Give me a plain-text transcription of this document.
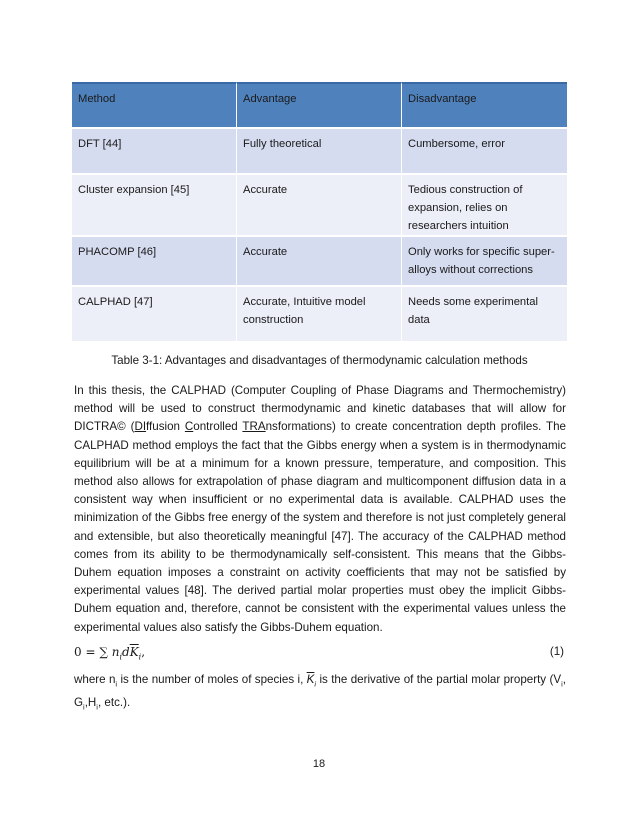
Method	Advantage	Disadvantage
DFT [44]	Fully theoretical	Cumbersome, error
Cluster expansion [45]	Accurate	Tedious construction of expansion, relies on researchers intuition
PHACOMP [46]	Accurate	Only works for specific super-alloys without corrections
CALPHAD [47]	Accurate, Intuitive model construction	Needs some experimental data
Table 3-1: Advantages and disadvantages of thermodynamic calculation methods

In this thesis, the CALPHAD (Computer Coupling of Phase Diagrams and Thermochemistry) method will be used to construct thermodynamic and kinetic databases that will allow for DICTRA© (DIffusion Controlled TRAnsformations) to create concentration depth profiles. The CALPHAD method employs the fact that the Gibbs energy when a system is in thermodynamic equilibrium will be at a minimum for a known pressure, temperature, and composition. This method also allows for extrapolation of phase diagram and multicomponent diffusion data in a consistent way when insufficient or no experimental data is available. CALPHAD uses the minimization of the Gibbs free energy of the system and therefore is not just completely general and extensible, but also theoretically meaningful [47]. The accuracy of the CALPHAD method comes from its ability to be thermodynamically self-consistent. This means that the Gibbs-Duhem equation imposes a constraint on activity coefficients that may not be satisfied by experimental values [48]. The derived partial molar properties must obey the implicit Gibbs-Duhem equation and, therefore, cannot be consistent with the experimental values unless the experimental values also satisfy the Gibbs-Duhem equation.

0 = ∑ $n_id\overline{K}_i$,	(1)

where $n_i$ is the number of moles of species i, $\overline{K}_i$ is the derivative of the partial molar property ($V_i$, $G_i,H_i$, etc.).

18
